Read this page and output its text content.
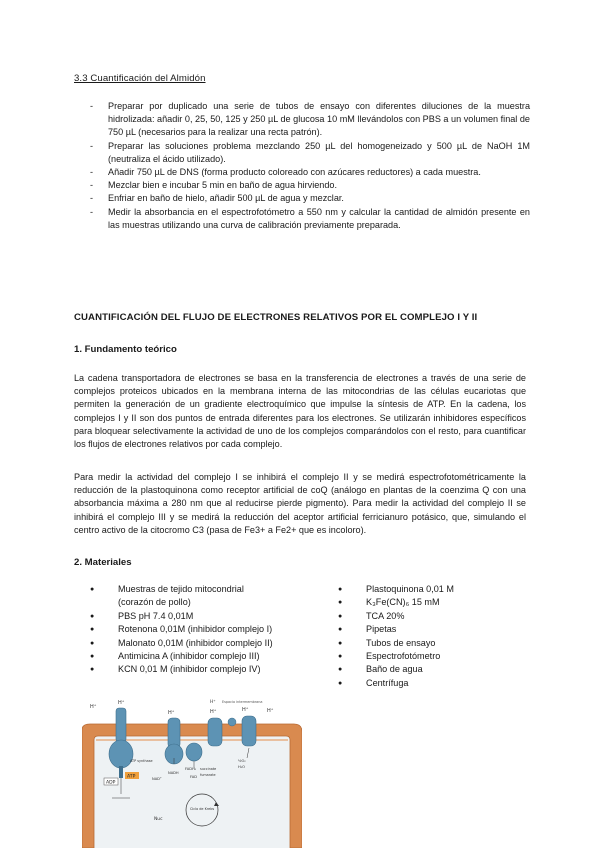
3.3 Cuantificación del Almidón
- Preparar por duplicado una serie de tubos de ensayo con diferentes diluciones de la muestra hidrolizada: añadir 0, 25, 50, 125 y 250 µL de glucosa 10 mM llevándolos con PBS a un volumen final de 750 µL (necesarios para la realizar una recta patrón).
- Preparar las soluciones problema mezclando 250 µL del homogeneizado y 500 µL de NaOH 1M (neutraliza el ácido utilizado).
- Añadir 750 µL de DNS (forma producto coloreado con azúcares reductores) a cada muestra.
- Mezclar bien e incubar 5 min en baño de agua hirviendo.
- Enfriar en baño de hielo, añadir 500 µL de agua y mezclar.
- Medir la absorbancia en el espectrofotómetro a 550 nm y calcular la cantidad de almidón presente en las muestras utilizando una curva de calibración previamente preparada.
CUANTIFICACIÓN DEL FLUJO DE ELECTRONES RELATIVOS POR EL COMPLEJO I Y II
1. Fundamento teórico

La cadena transportadora de electrones se basa en la transferencia de electrones a través de una serie de complejos proteicos ubicados en la membrana interna de las mitocondrias de las células eucariotas que permiten la generación de un gradiente electroquímico que impulse la síntesis de ATP. En la cadena, los complejos I y II son dos puntos de entrada diferentes para los electrones. Se utilizarán inhibidores específicos para bloquear selectivamente la actividad de uno de los complejos comparándolos con el resto, para cuantificar los flujos de electrones relativos por cada complejo.

Para medir la actividad del complejo I se inhibirá el complejo II y se medirá espectrofotométricamente la reducción de la plastoquinona como receptor artificial de coQ (análogo en plantas de la coenzima Q con una absorbancia máxima a 280 nm que al reducirse pierde pigmento). Para medir la actividad del complejo II se inhibirá el complejo III y se medirá la reducción del aceptor artificial ferricianuro potásico, que, simulando el centro activo de la citocromo C3 (pasa de Fe3+ a Fe2+ que es incoloro).

2. Materiales
● Muestras de tejido mitocondrial (corazón de pollo)
● PBS pH 7.4 0,01M
● Rotenona 0,01M (inhibidor complejo I)
● Malonato 0,01M (inhibidor complejo II)
● Antimicina A (inhibidor complejo III)
● KCN 0,01 M (inhibidor complejo IV)
● Plastoquinona 0,01 M
● K₃Fe(CN)₆ 15 mM
● TCA 20%
● Pipetas
● Tubos de ensayo
● Espectrofotómetro
● Baño de agua
● Centrífuga
H⁺
H⁺
ATP synthase
ATP
ADP
H⁺
NADH
NAD⁺
FADH₂
FAD
H⁺
succinate
fumarate
H⁺
½O₂
H₂O
H⁺
H⁺ Espacio intermembrana
Ciclo de Krebs
Nuc
